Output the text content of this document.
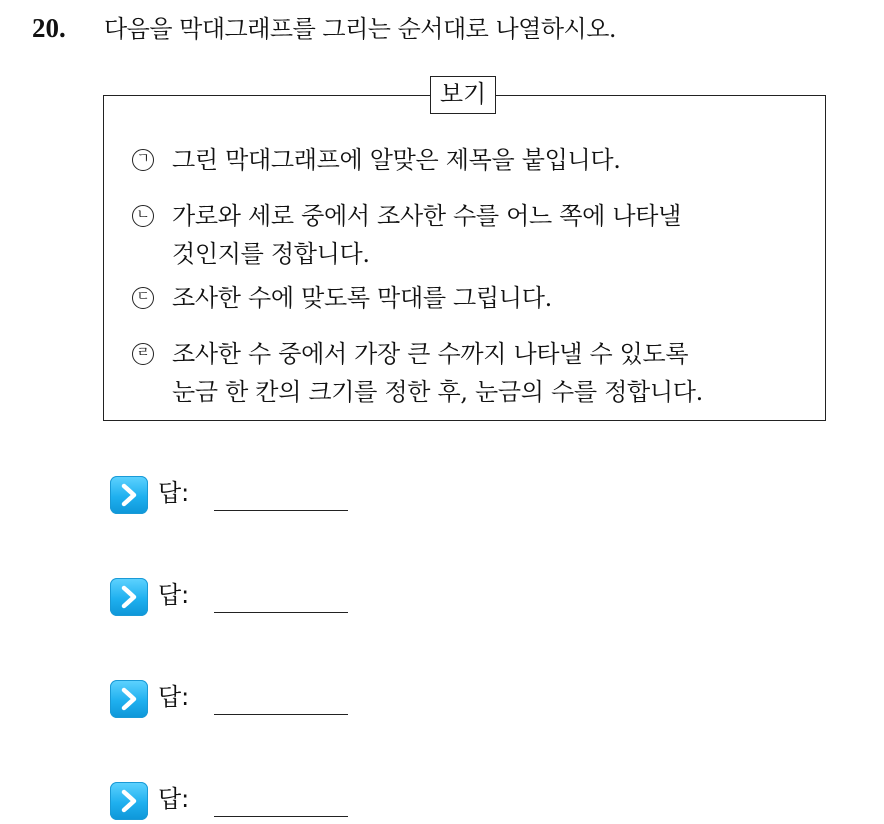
20. 다음을 막대그래프를 그리는 순서대로 나열하시오.
보기
ㄱ 그린 막대그래프에 알맞은 제목을 붙입니다.
ㄴ 가로와 세로 중에서 조사한 수를 어느 쪽에 나타낼
것인지를 정합니다.
ㄷ 조사한 수에 맞도록 막대를 그립니다.
ㄹ 조사한 수 중에서 가장 큰 수까지 나타낼 수 있도록
눈금 한 칸의 크기를 정한 후, 눈금의 수를 정합니다.
답:
답:
답:
답:
